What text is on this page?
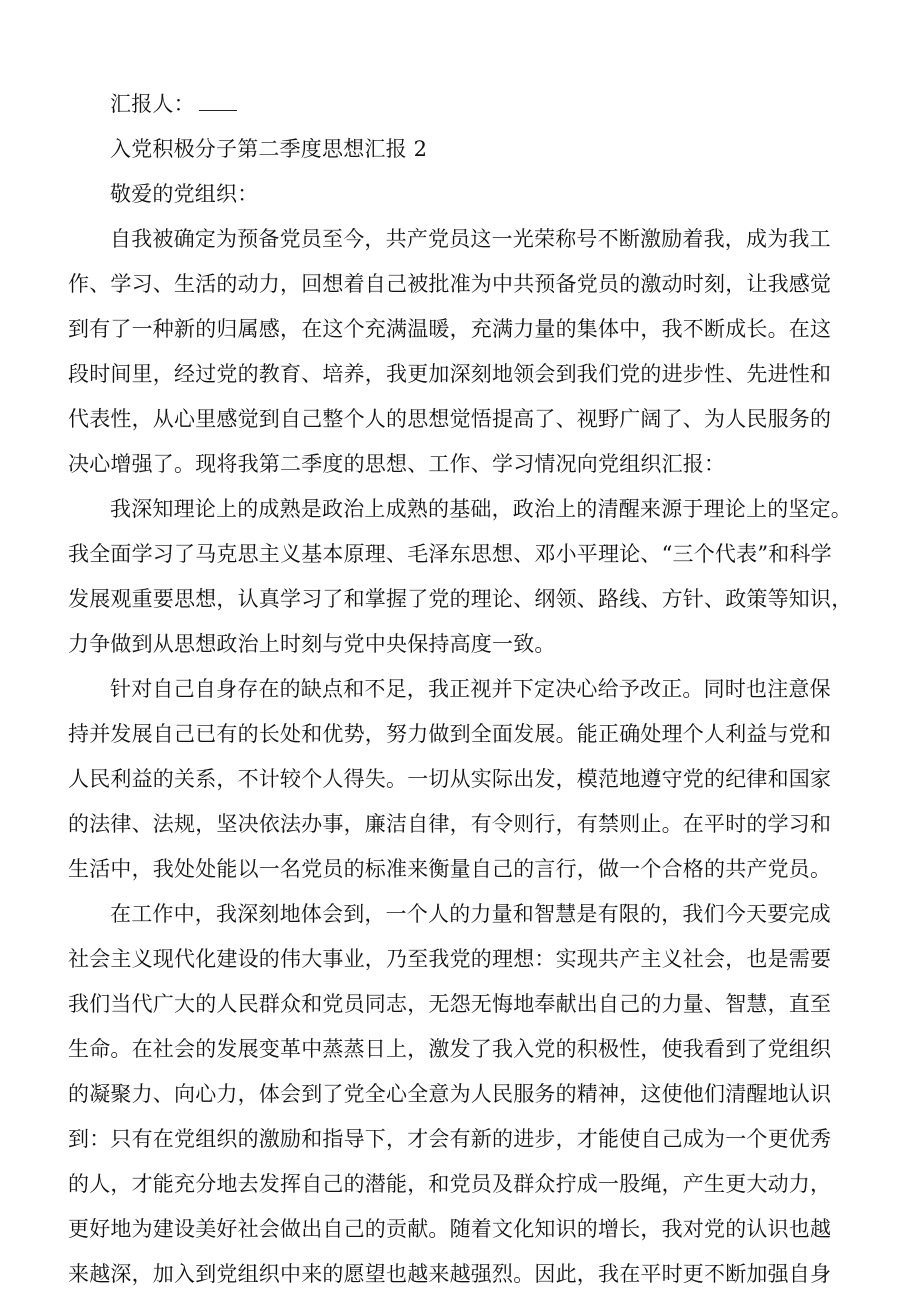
汇报人：
入党积极分子第二季度思想汇报 2
敬爱的党组织：
自我被确定为预备党员至今，共产党员这一光荣称号不断激励着我，成为我工
作、学习、生活的动力，回想着自己被批准为中共预备党员的激动时刻，让我感觉
到有了一种新的归属感，在这个充满温暖，充满力量的集体中，我不断成长。在这
段时间里，经过党的教育、培养，我更加深刻地领会到我们党的进步性、先进性和
代表性，从心里感觉到自己整个人的思想觉悟提高了、视野广阔了、为人民服务的
决心增强了。现将我第二季度的思想、工作、学习情况向党组织汇报：
我深知理论上的成熟是政治上成熟的基础，政治上的清醒来源于理论上的坚定。
我全面学习了马克思主义基本原理、毛泽东思想、邓小平理论、“三个代表”和科学
发展观重要思想，认真学习了和掌握了党的理论、纲领、路线、方针、政策等知识，
力争做到从思想政治上时刻与党中央保持高度一致。
针对自己自身存在的缺点和不足，我正视并下定决心给予改正。同时也注意保
持并发展自己已有的长处和优势，努力做到全面发展。能正确处理个人利益与党和
人民利益的关系，不计较个人得失。一切从实际出发，模范地遵守党的纪律和国家
的法律、法规，坚决依法办事，廉洁自律，有令则行，有禁则止。在平时的学习和
生活中，我处处能以一名党员的标准来衡量自己的言行，做一个合格的共产党员。
在工作中，我深刻地体会到，一个人的力量和智慧是有限的，我们今天要完成
社会主义现代化建设的伟大事业，乃至我党的理想：实现共产主义社会，也是需要
我们当代广大的人民群众和党员同志，无怨无悔地奉献出自己的力量、智慧，直至
生命。在社会的发展变革中蒸蒸日上，激发了我入党的积极性，使我看到了党组织
的凝聚力、向心力，体会到了党全心全意为人民服务的精神，这使他们清醒地认识
到：只有在党组织的激励和指导下，才会有新的进步，才能使自己成为一个更优秀
的人，才能充分地去发挥自己的潜能，和党员及群众拧成一股绳，产生更大动力，
更好地为建设美好社会做出自己的贡献。随着文化知识的增长，我对党的认识也越
来越深，加入到党组织中来的愿望也越来越强烈。因此，我在平时更不断加强自身
